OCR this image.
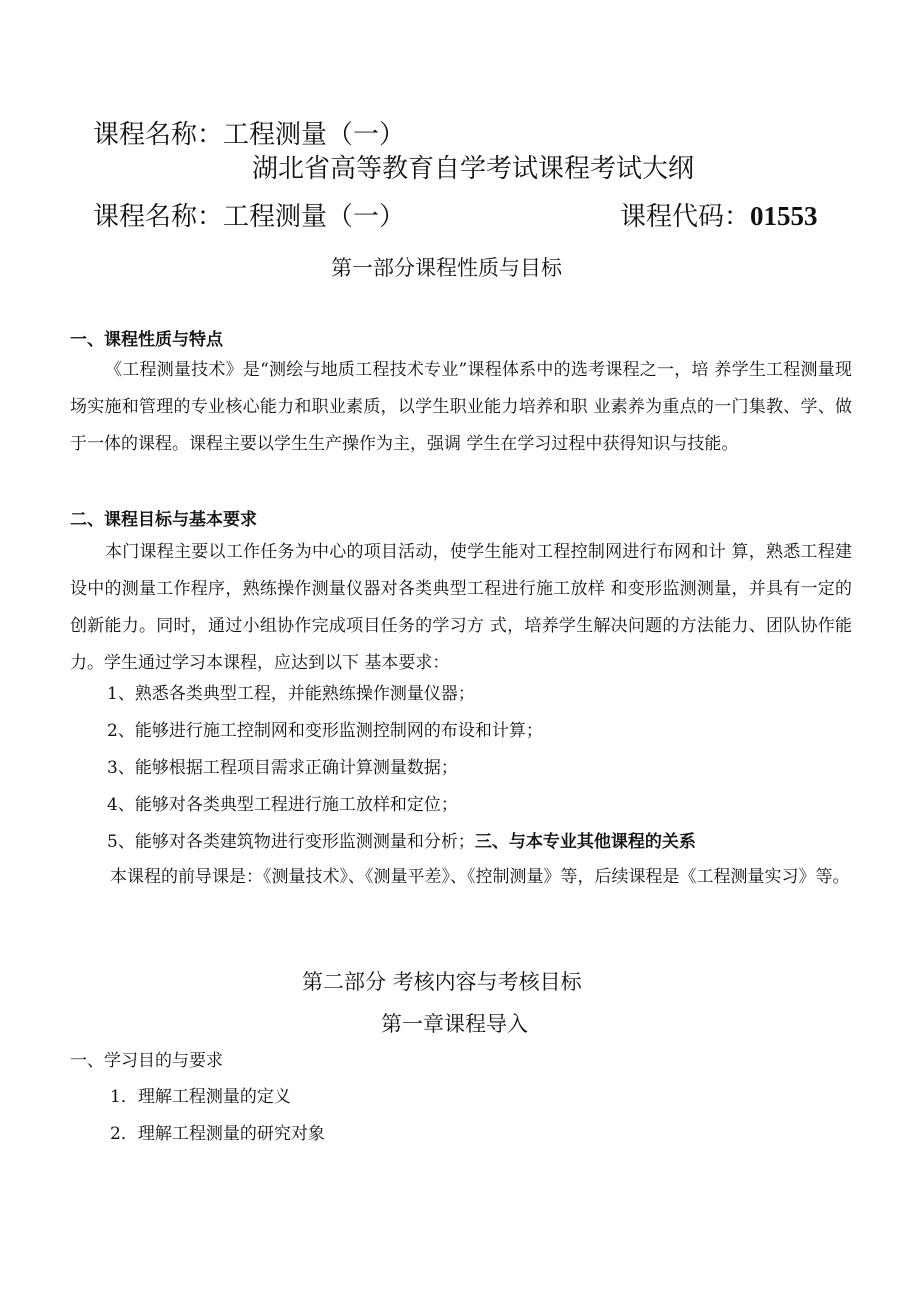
课程名称：工程测量（一）
湖北省高等教育自学考试课程考试大纲
课程名称：工程测量（一）	课程代码：01553
第一部分课程性质与目标
一、课程性质与特点
《工程测量技术》是“测绘与地质工程技术专业”课程体系中的选考课程之一，培 养学生工程测量现场实施和管理的专业核心能力和职业素质，以学生职业能力培养和职 业素养为重点的一门集教、学、做于一体的课程。课程主要以学生生产操作为主，强调 学生在学习过程中获得知识与技能。
二、课程目标与基本要求
本门课程主要以工作任务为中心的项目活动，使学生能对工程控制网进行布网和计 算，熟悉工程建设中的测量工作程序，熟练操作测量仪器对各类典型工程进行施工放样 和变形监测测量，并具有一定的创新能力。同时，通过小组协作完成项目任务的学习方 式，培养学生解决问题的方法能力、团队协作能力。学生通过学习本课程，应达到以下 基本要求：
1、熟悉各类典型工程，并能熟练操作测量仪器；
2、能够进行施工控制网和变形监测控制网的布设和计算；
3、能够根据工程项目需求正确计算测量数据；
4、能够对各类典型工程进行施工放样和定位；
5、能够对各类建筑物进行变形监测测量和分析；三、与本专业其他课程的关系
本课程的前导课是：《测量技术》、《测量平差》、《控制测量》等，后续课程是《工程测量实习》等。
第二部分 考核内容与考核目标
第一章课程导入
一、学习目的与要求
1．理解工程测量的定义
2．理解工程测量的研究对象
